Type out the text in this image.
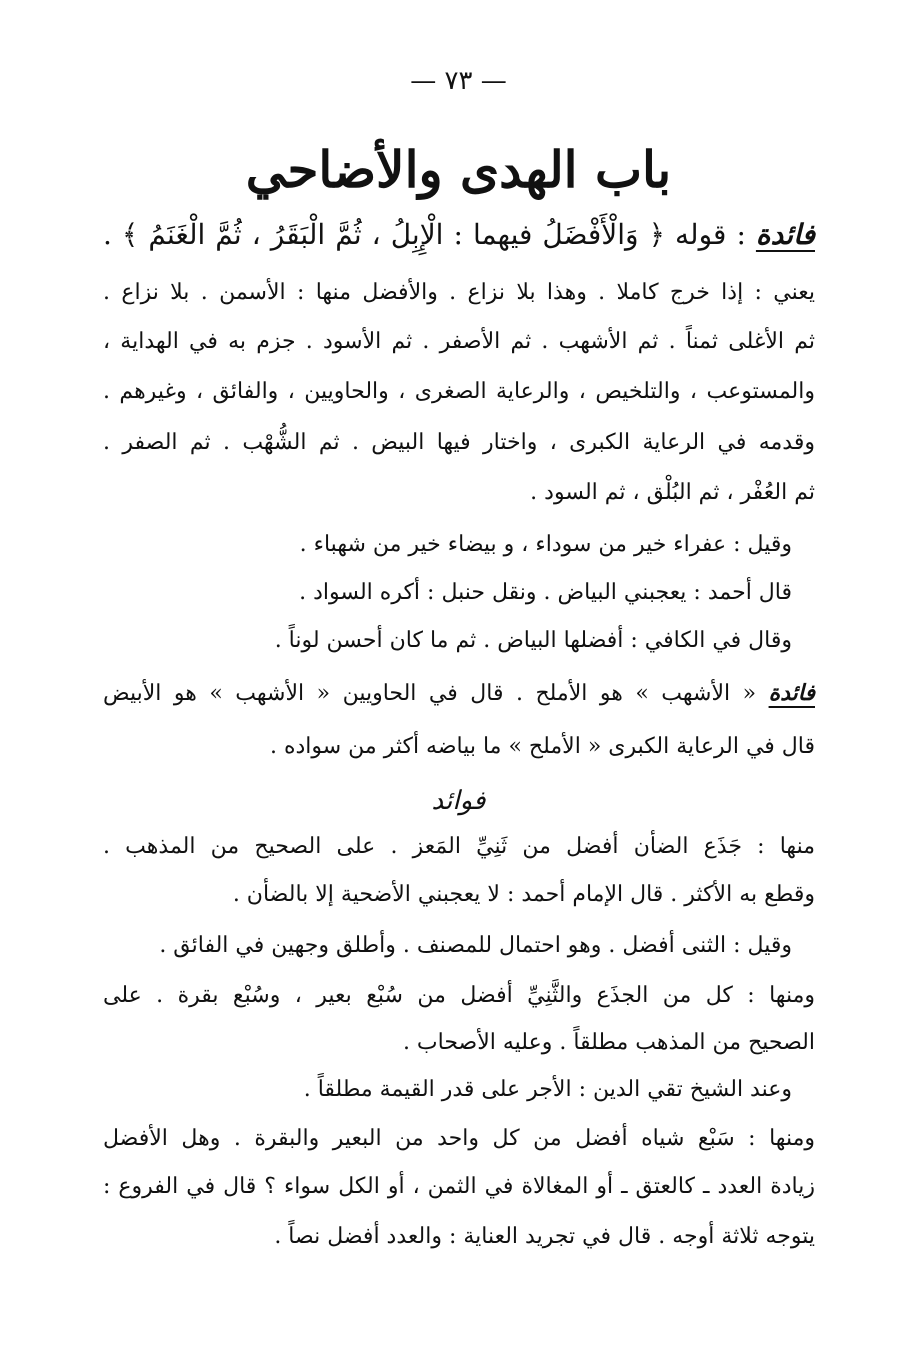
— ٧٣ —
باب الهدى والأضاحي
فائدة : قوله ﴿ وَالْأَفْضَلُ فيهما : الْإِبِلُ ، ثُمَّ الْبَقَرُ ، ثُمَّ الْغَنَمُ ﴾ .
يعني : إذا خرج كاملا . وهذا بلا نزاع . والأفضل منها : الأسمن . بلا نزاع .
ثم الأغلى ثمناً . ثم الأشهب . ثم الأصفر . ثم الأسود . جزم به في الهداية ،
والمستوعب ، والتلخيص ، والرعاية الصغرى ، والحاويين ، والفائق ، وغيرهم .
وقدمه في الرعاية الكبرى ، واختار فيها البيض . ثم الشُّهْب . ثم الصفر .
ثم العُفْر ، ثم البُلْق ، ثم السود .
وقيل : عفراء خير من سوداء ، و بيضاء خير من شهباء .
قال أحمد : يعجبني البياض . ونقل حنبل : أكره السواد .
وقال في الكافي : أفضلها البياض . ثم ما كان أحسن لوناً .
فائدة « الأشهب » هو الأملح . قال في الحاويين « الأشهب » هو الأبيض
قال في الرعاية الكبرى « الأملح » ما بياضه أكثر من سواده .
فوائد
منها : جَذَع الضأن أفضل من ثَنِيِّ المَعز . على الصحيح من المذهب .
وقطع به الأكثر . قال الإمام أحمد : لا يعجبني الأضحية إلا بالضأن .
وقيل : الثنى أفضل . وهو احتمال للمصنف . وأطلق وجهين في الفائق .
ومنها : كل من الجذَع والثَّنِيِّ أفضل من سُبْع بعير ، وسُبْع بقرة . على
الصحيح من المذهب مطلقاً . وعليه الأصحاب .
وعند الشيخ تقي الدين : الأجر على قدر القيمة مطلقاً .
ومنها : سَبْع شياه أفضل من كل واحد من البعير والبقرة . وهل الأفضل
زيادة العدد ـ كالعتق ـ أو المغالاة في الثمن ، أو الكل سواء ؟ قال في الفروع :
يتوجه ثلاثة أوجه . قال في تجريد العناية : والعدد أفضل نصاً .
